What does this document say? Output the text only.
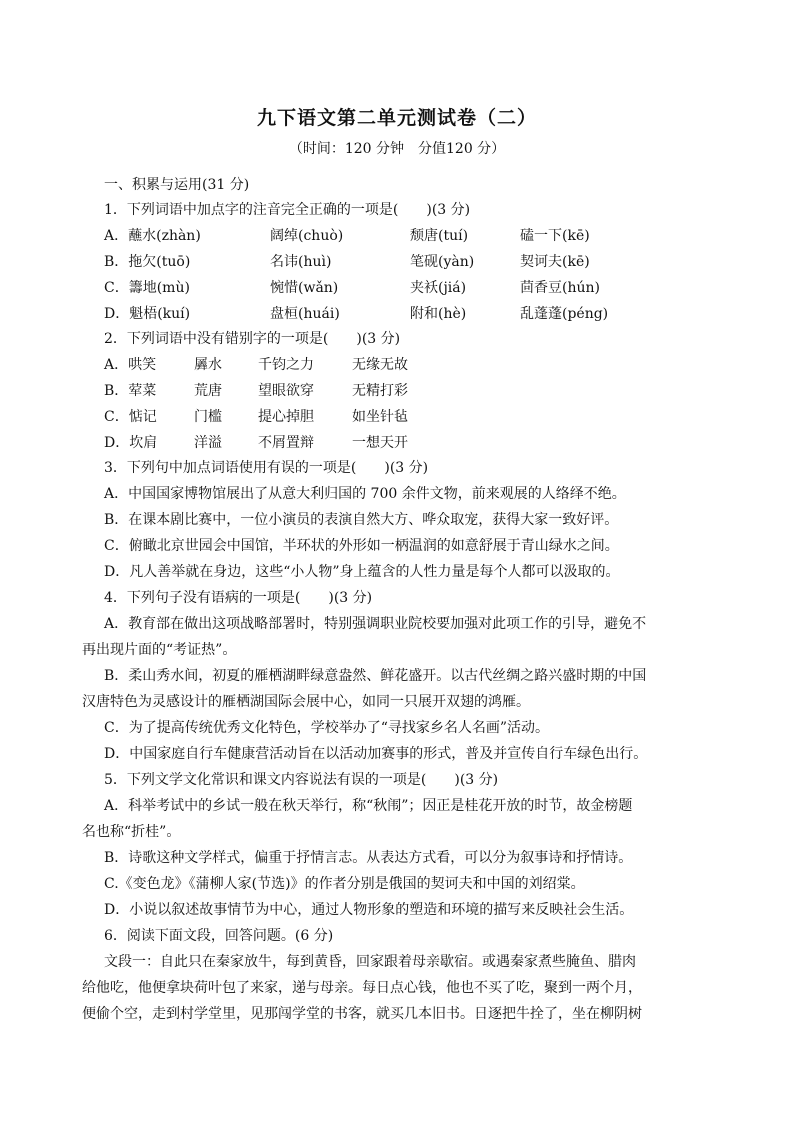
九下语文第二单元测试卷（二）
（时间：120 分钟　分值120 分）
一、积累与运用(31 分)
1．下列词语中加点字的注音完全正确的一项是(　　)(3 分)
A．蘸水(zhàn)	阔绰(chuò)	颓唐(tuí)	磕一下(kē)
B．拖欠(tuō)	名讳(huì)	笔砚(yàn)	契诃夫(kē)
C．籌地(mù)	惋惜(wǎn)	夹袄(jiá)	茴香豆(hún)
D．魁梧(kuí)	盘桓(huái)	附和(hè)	乱蓬蓬(péng)
2．下列词语中没有错别字的一项是(　　)(3 分)
A．哄笑	羼水	千钧之力	无缘无故
B．荤菜	荒唐	望眼欲穿	无精打彩
C．惦记	门槛	提心掉胆	如坐针毡
D．坎肩	洋溢	不屑置辩	一想天开
3．下列句中加点词语使用有误的一项是(　　)(3 分)
A．中国国家博物馆展出了从意大利归国的 700 余件文物，前来观展的人络绎不绝。
B．在课本剧比赛中，一位小演员的表演自然大方、哗众取宠，获得大家一致好评。
C．俯瞰北京世园会中国馆，半环状的外形如一柄温润的如意舒展于青山绿水之间。
D．凡人善举就在身边，这些“小人物”身上蕴含的人性力量是每个人都可以汲取的。
4．下列句子没有语病的一项是(　　)(3 分)
A．教育部在做出这项战略部署时，特别强调职业院校要加强对此项工作的引导，避免不
再出现片面的“考证热”。
B．柔山秀水间，初夏的雁栖湖畔绿意盎然、鲜花盛开。以古代丝绸之路兴盛时期的中国
汉唐特色为灵感设计的雁栖湖国际会展中心，如同一只展开双翅的鸿雁。
C．为了提高传统优秀文化特色，学校举办了“寻找家乡名人名画”活动。
D．中国家庭自行车健康营活动旨在以活动加赛事的形式，普及并宣传自行车绿色出行。
5．下列文学文化常识和课文内容说法有误的一项是(　　)(3 分)
A．科举考试中的乡试一般在秋天举行，称“秋闱”；因正是桂花开放的时节，故金榜题
名也称“折桂”。
B．诗歌这种文学样式，偏重于抒情言志。从表达方式看，可以分为叙事诗和抒情诗。
C.《变色龙》《蒲柳人家(节选)》的作者分别是俄国的契诃夫和中国的刘绍棠。
D．小说以叙述故事情节为中心，通过人物形象的塑造和环境的描写来反映社会生活。
6．阅读下面文段，回答问题。(6 分)
文段一：自此只在秦家放牛，每到黄昏，回家跟着母亲歇宿。或遇秦家煮些腌鱼、腊肉
给他吃，他便拿块荷叶包了来家，递与母亲。每日点心钱，他也不买了吃，聚到一两个月，
便偷个空，走到村学堂里，见那闯学堂的书客，就买几本旧书。日逐把牛拴了，坐在柳阴树
